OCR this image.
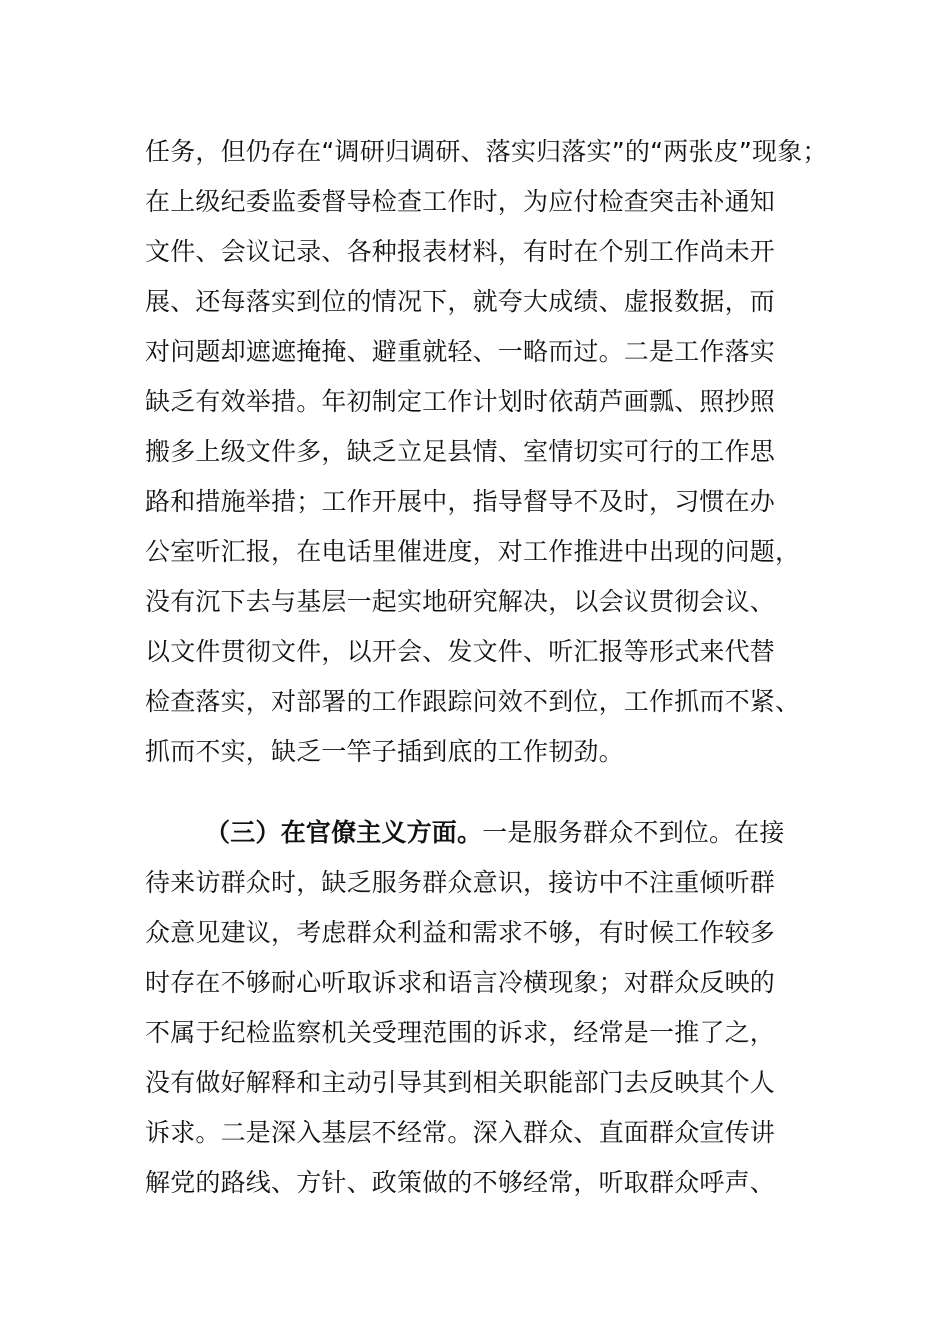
任务，但仍存在“调研归调研、落实归落实”的“两张皮”现象；
在上级纪委监委督导检查工作时，为应付检查突击补通知
文件、会议记录、各种报表材料，有时在个别工作尚未开
展、还每落实到位的情况下，就夸大成绩、虚报数据，而
对问题却遮遮掩掩、避重就轻、一略而过。二是工作落实
缺乏有效举措。年初制定工作计划时依葫芦画瓢、照抄照
搬多上级文件多，缺乏立足县情、室情切实可行的工作思
路和措施举措；工作开展中，指导督导不及时，习惯在办
公室听汇报，在电话里催进度，对工作推进中出现的问题，
没有沉下去与基层一起实地研究解决，以会议贯彻会议、
以文件贯彻文件，以开会、发文件、听汇报等形式来代替
检查落实，对部署的工作跟踪问效不到位，工作抓而不紧、
抓而不实，缺乏一竿子插到底的工作韧劲。
（三）在官僚主义方面。一是服务群众不到位。在接
待来访群众时，缺乏服务群众意识，接访中不注重倾听群
众意见建议，考虑群众利益和需求不够，有时候工作较多
时存在不够耐心听取诉求和语言冷横现象；对群众反映的
不属于纪检监察机关受理范围的诉求，经常是一推了之，
没有做好解释和主动引导其到相关职能部门去反映其个人
诉求。二是深入基层不经常。深入群众、直面群众宣传讲
解党的路线、方针、政策做的不够经常，听取群众呼声、
